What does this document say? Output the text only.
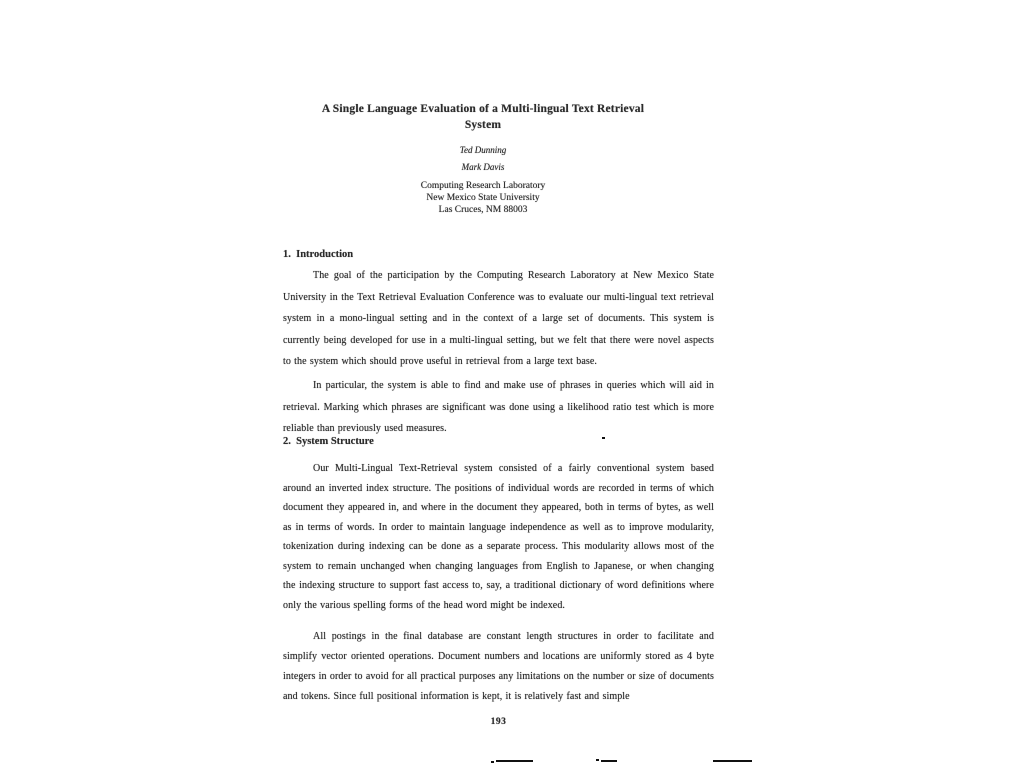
A Single Language Evaluation of a Multi-lingual Text Retrieval
System
Ted Dunning
Mark Davis
Computing Research Laboratory
New Mexico State University
Las Cruces, NM 88003
1.  Introduction

The goal of the participation by the Computing Research Laboratory at New Mexico State University in the Text Retrieval Evaluation Conference was to evaluate our multi-lingual text retrieval system in a mono-lingual setting and in the context of a large set of documents. This system is currently being developed for use in a multi-lingual setting, but we felt that there were novel aspects to the system which should prove useful in retrieval from a large text base.

In particular, the system is able to find and make use of phrases in queries which will aid in retrieval. Marking which phrases are significant was done using a likelihood ratio test which is more reliable than previously used measures.

2.  System Structure

Our Multi-Lingual Text-Retrieval system consisted of a fairly conventional system based around an inverted index structure. The positions of individual words are recorded in terms of which document they appeared in, and where in the document they appeared, both in terms of bytes, as well as in terms of words. In order to maintain language independence as well as to improve modularity, tokenization during indexing can be done as a separate process. This modularity allows most of the system to remain unchanged when changing languages from English to Japanese, or when changing the indexing structure to support fast access to, say, a traditional dictionary of word definitions where only the various spelling forms of the head word might be indexed.

All postings in the final database are constant length structures in order to facilitate and simplify vector oriented operations. Document numbers and locations are uniformly stored as 4 byte integers in order to avoid for all practical purposes any limitations on the number or size of documents and tokens. Since full positional information is kept, it is relatively fast and simple

193
